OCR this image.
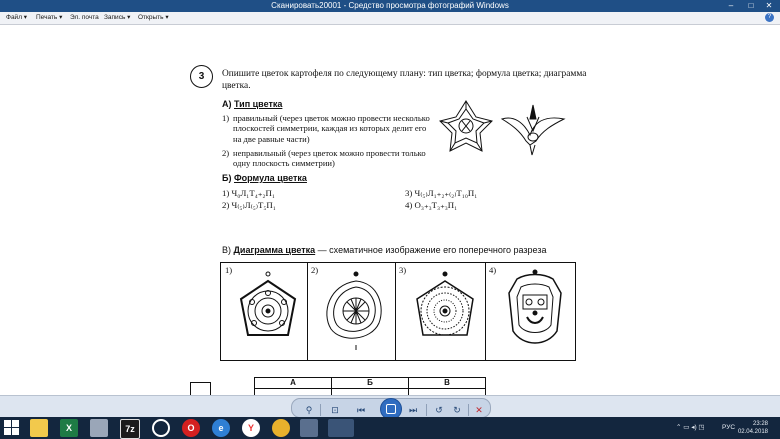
Сканировать20001 - Средство просмотра фотографий Windows	–	□	✕
Файл ▾ Печать ▾ Эл. почта Запись ▾ Открыть ▾	?
3	Опишите цветок картофеля по следующему плану: тип цветка; формула цветка; диаграмма цветка.
А) Тип цветка
1) правильный (через цветок можно провести несколько плоскостей симметрии, каждая из которых делит его на две равные части)
2) неправильный (через цветок можно провести только одну плоскость симметрии)
Б) Формула цветка
1) Ч₀Л₁Т₄₊₂П₁
2) Ч₍₅₎Л₍₅₎Т₅П₁
3) Ч₍₅₎Л₁₊₂₊₍₂₎Т₁₀П₁
4) О₃₊₃Т₃₊₃П₁
В) Диаграмма цветка — схематичное изображение его поперечного разреза
1)	2)	3)	4)
А	Б	В

⚲	⊡	⏮	⏭	↺	↻	✕
X	7z	O	e	Y	⌃ ▭ ◂) ◳	РУС	23:28
02.04.2018
